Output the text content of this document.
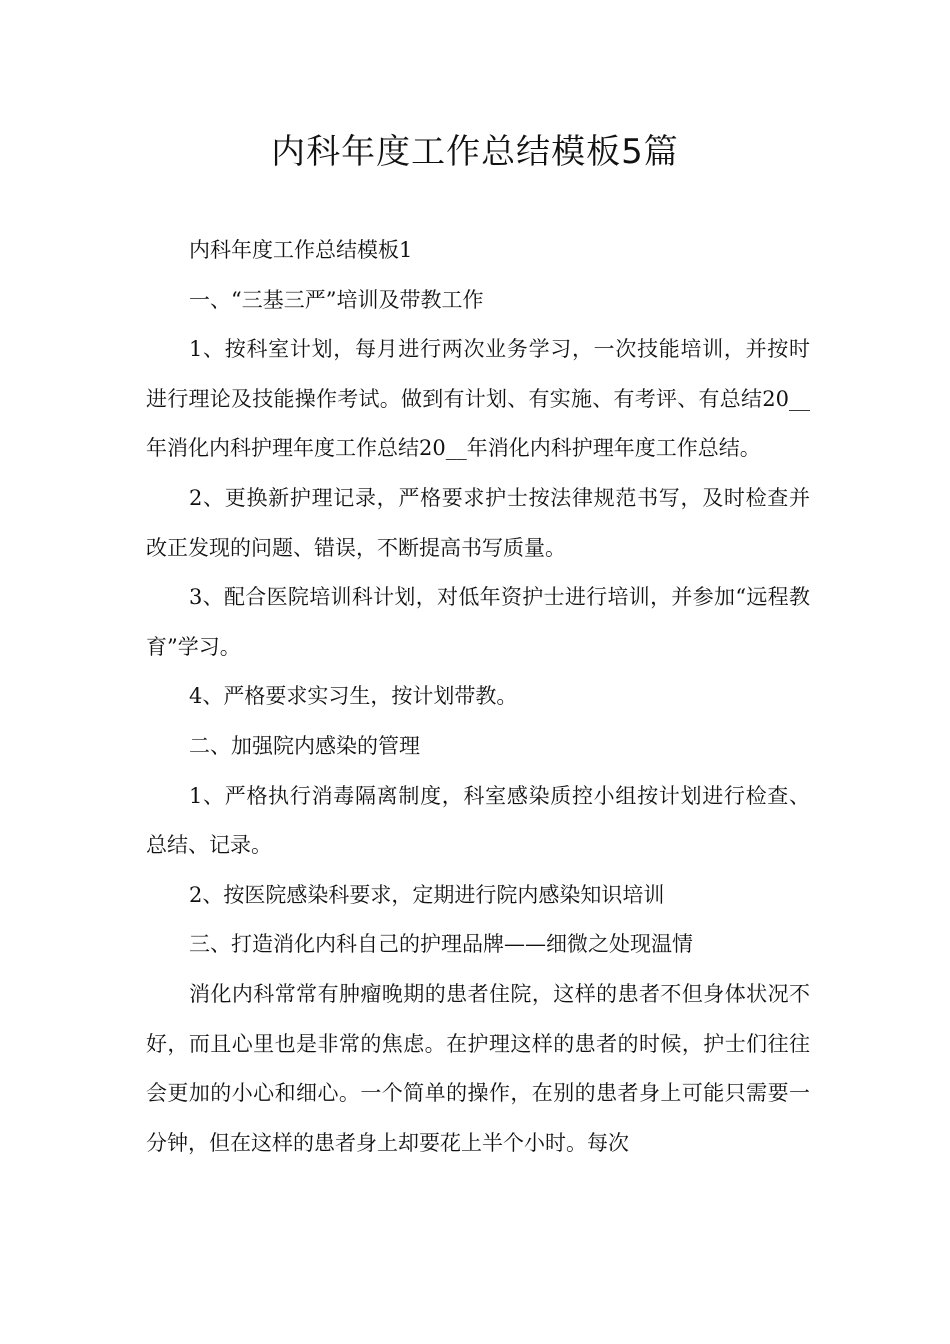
内科年度工作总结模板5篇

内科年度工作总结模板1

一、“三基三严”培训及带教工作

1、按科室计划，每月进行两次业务学习，一次技能培训，并按时进行理论及技能操作考试。做到有计划、有实施、有考评、有总结20__年消化内科护理年度工作总结20__年消化内科护理年度工作总结。

2、更换新护理记录，严格要求护士按法律规范书写，及时检查并改正发现的问题、错误，不断提高书写质量。

3、配合医院培训科计划，对低年资护士进行培训，并参加“远程教育”学习。

4、严格要求实习生，按计划带教。

二、加强院内感染的管理

1、严格执行消毒隔离制度，科室感染质控小组按计划进行检查、总结、记录。

2、按医院感染科要求，定期进行院内感染知识培训

三、打造消化内科自己的护理品牌——细微之处现温情

消化内科常常有肿瘤晚期的患者住院，这样的患者不但身体状况不好，而且心里也是非常的焦虑。在护理这样的患者的时候，护士们往往会更加的小心和细心。一个简单的操作，在别的患者身上可能只需要一分钟，但在这样的患者身上却要花上半个小时。每次
